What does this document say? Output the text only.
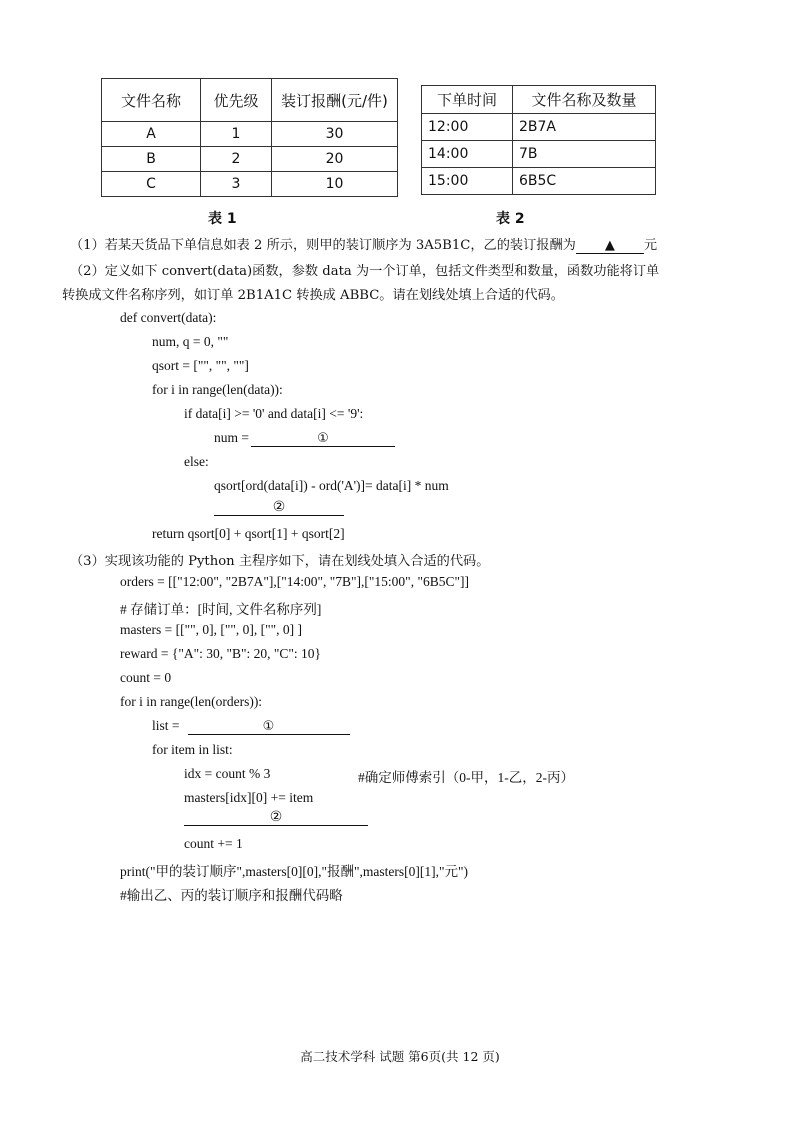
文件名称	优先级	装订报酬(元/件)
A	1	30
B	2	20
C	3	10
下单时间	文件名称及数量
12:00	2B7A
14:00	7B
15:00	6B5C
表 1	表 2
（1）若某天货品下单信息如表 2 所示，则甲的装订顺序为 3A5B1C，乙的装订报酬为 ▲ 元
（2）定义如下 convert(data)函数，参数 data 为一个订单，包括文件类型和数量，函数功能将订单
转换成文件名称序列，如订单 2B1A1C 转换成 ABBC。请在划线处填上合适的代码。
def convert(data):
num, q = 0, ""
qsort = ["", "", ""]
for i in range(len(data)):
if data[i] >= '0' and data[i] <= '9':
num =	①
else:
qsort[ord(data[i]) - ord('A')]= data[i] * num
②
return qsort[0] + qsort[1] + qsort[2]
（3）实现该功能的 Python 主程序如下，请在划线处填入合适的代码。
orders = [["12:00", "2B7A"],["14:00", "7B"],["15:00", "6B5C"]]
# 存储订单：[时间, 文件名称序列]
masters = [["", 0], ["", 0], ["", 0] ]
reward = {"A": 30, "B": 20, "C": 10}
count = 0
for i in range(len(orders)):
list =	①
for item in list:
idx = count % 3	#确定师傅索引（0-甲，1-乙，2-丙）
masters[idx][0] += item
②
count += 1
print("甲的装订顺序",masters[0][0],"报酬",masters[0][1],"元")
#输出乙、丙的装订顺序和报酬代码略
高二技术学科 试题 第6页(共 12 页)
